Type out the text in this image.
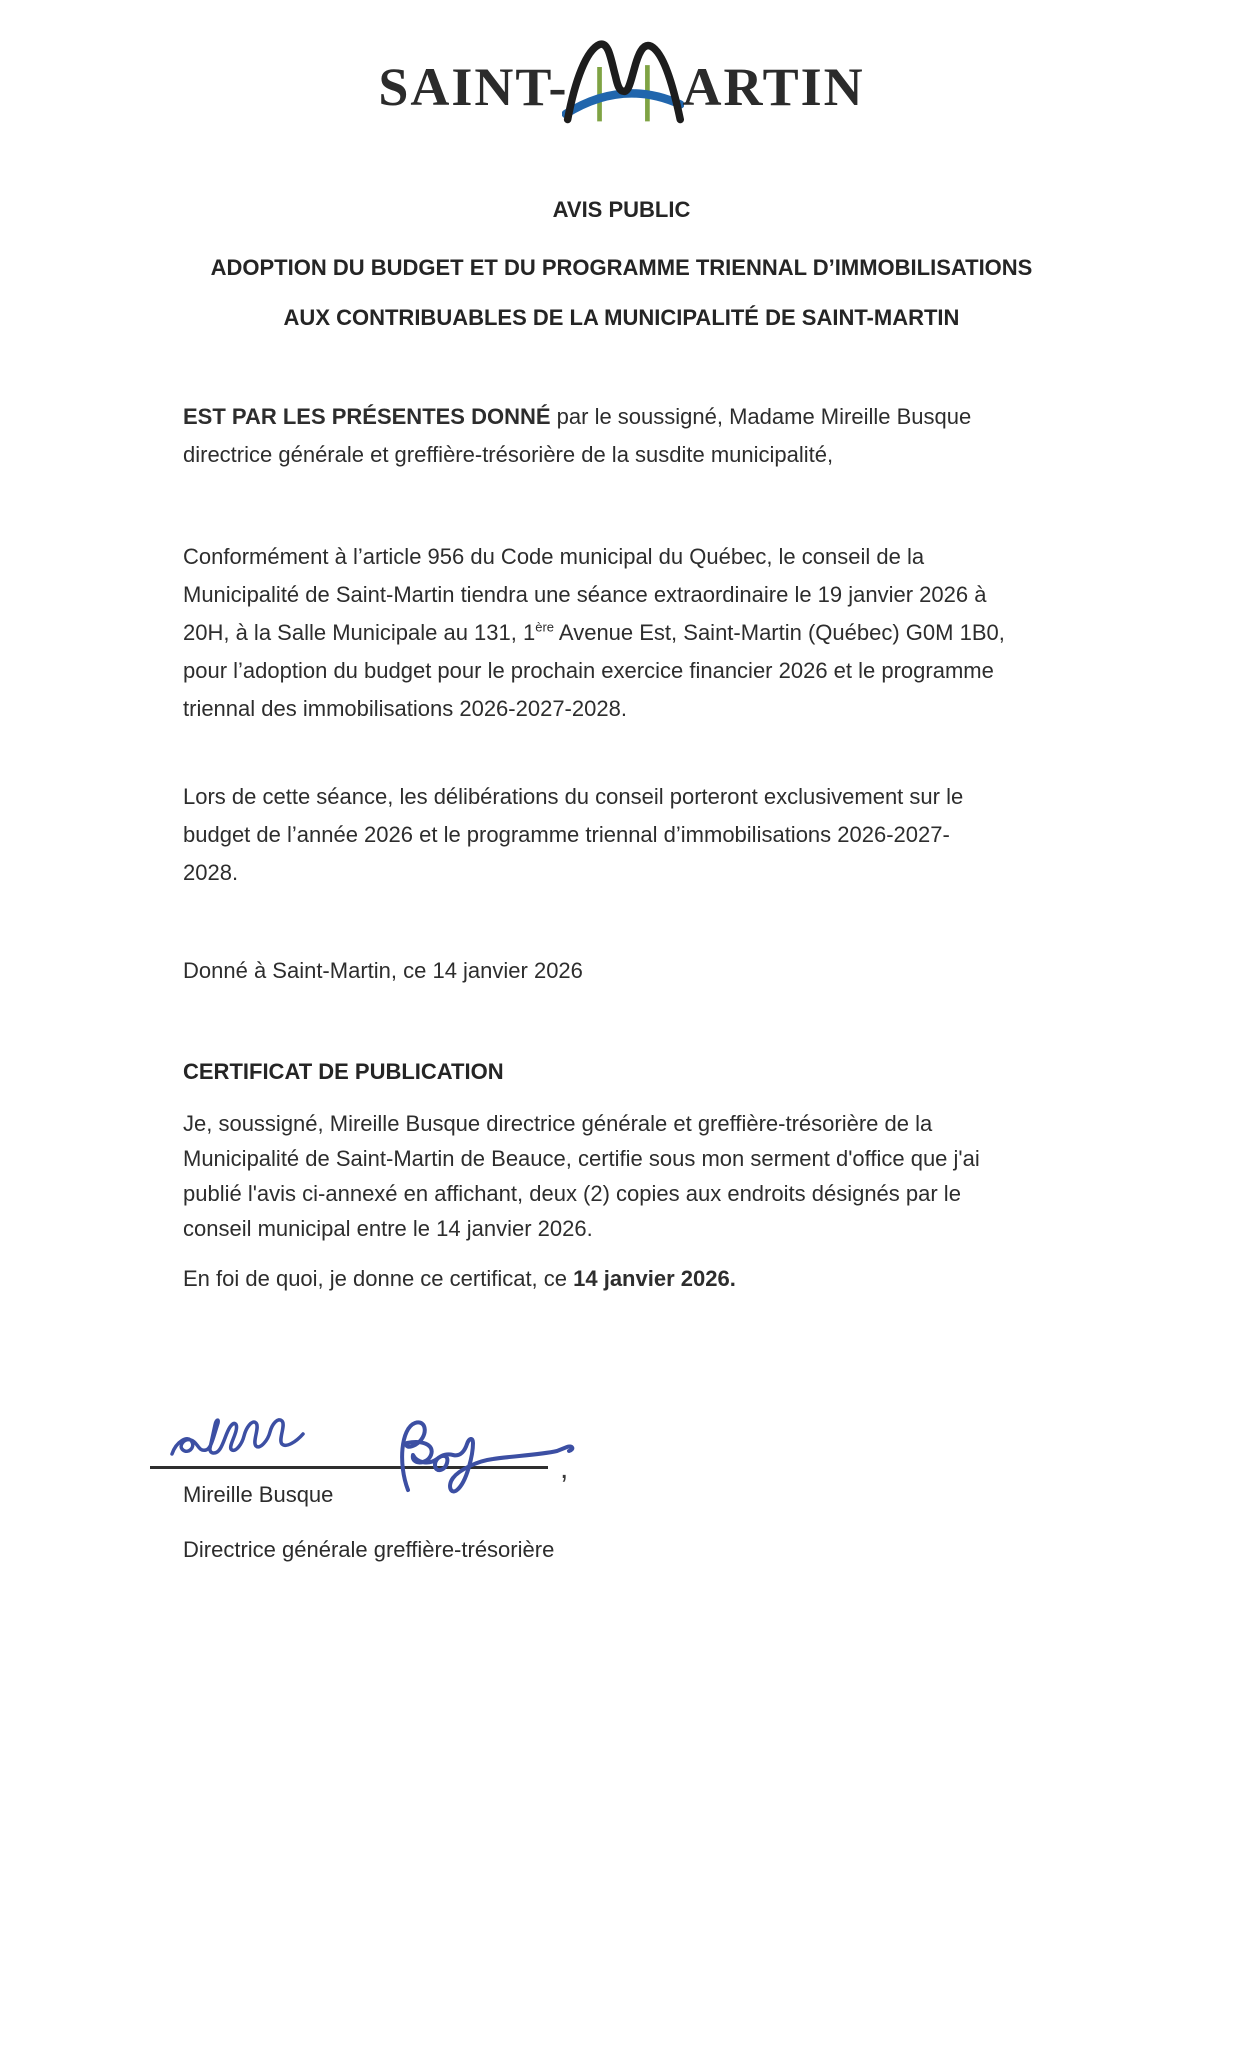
SAINT- ARTIN
AVIS PUBLIC
ADOPTION DU BUDGET ET DU PROGRAMME TRIENNAL D’IMMOBILISATIONS
AUX CONTRIBUABLES DE LA MUNICIPALITÉ DE SAINT-MARTIN
EST PAR LES PRÉSENTES DONNÉ par le soussigné, Madame Mireille Busque
directrice générale et greffière-trésorière de la susdite municipalité,
Conformément à l’article 956 du Code municipal du Québec, le conseil de la
Municipalité de Saint-Martin tiendra une séance extraordinaire le 19 janvier 2026 à
20H, à la Salle Municipale au 131, 1ère Avenue Est, Saint-Martin (Québec) G0M 1B0,
pour l’adoption du budget pour le prochain exercice financier 2026 et le programme
triennal des immobilisations 2026-2027-2028.
Lors de cette séance, les délibérations du conseil porteront exclusivement sur le
budget de l’année 2026 et le programme triennal d’immobilisations 2026-2027-
2028.
Donné à Saint-Martin, ce 14 janvier 2026
CERTIFICAT DE PUBLICATION
Je, soussigné, Mireille Busque directrice générale et greffière-trésorière de la
Municipalité de Saint-Martin de Beauce, certifie sous mon serment d'office que j'ai
publié l'avis ci-annexé en affichant, deux (2) copies aux endroits désignés par le
conseil municipal entre le 14 janvier 2026.
En foi de quoi, je donne ce certificat, ce 14 janvier 2026.
,
Mireille Busque
Directrice générale greffière-trésorière
